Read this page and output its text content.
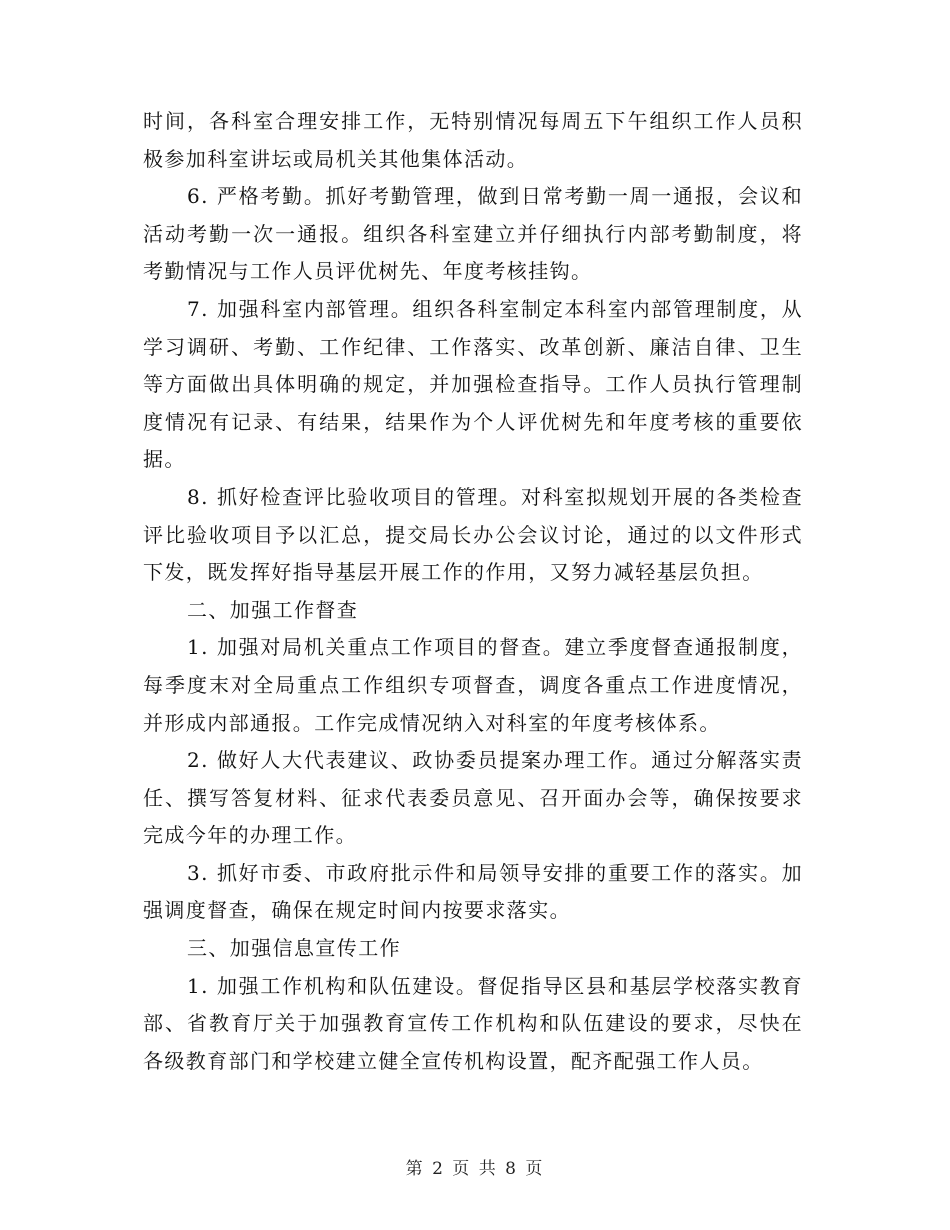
时间，各科室合理安排工作，无特别情况每周五下午组织工作人员积极参加科室讲坛或局机关其他集体活动。

6. 严格考勤。抓好考勤管理，做到日常考勤一周一通报，会议和活动考勤一次一通报。组织各科室建立并仔细执行内部考勤制度，将考勤情况与工作人员评优树先、年度考核挂钩。

7. 加强科室内部管理。组织各科室制定本科室内部管理制度，从学习调研、考勤、工作纪律、工作落实、改革创新、廉洁自律、卫生等方面做出具体明确的规定，并加强检查指导。工作人员执行管理制度情况有记录、有结果，结果作为个人评优树先和年度考核的重要依据。

8. 抓好检查评比验收项目的管理。对科室拟规划开展的各类检查评比验收项目予以汇总，提交局长办公会议讨论，通过的以文件形式下发，既发挥好指导基层开展工作的作用，又努力减轻基层负担。

二、加强工作督查

1. 加强对局机关重点工作项目的督查。建立季度督查通报制度，每季度末对全局重点工作组织专项督查，调度各重点工作进度情况，并形成内部通报。工作完成情况纳入对科室的年度考核体系。

2. 做好人大代表建议、政协委员提案办理工作。通过分解落实责任、撰写答复材料、征求代表委员意见、召开面办会等，确保按要求完成今年的办理工作。

3. 抓好市委、市政府批示件和局领导安排的重要工作的落实。加强调度督查，确保在规定时间内按要求落实。

三、加强信息宣传工作

1. 加强工作机构和队伍建设。督促指导区县和基层学校落实教育部、省教育厅关于加强教育宣传工作机构和队伍建设的要求，尽快在各级教育部门和学校建立健全宣传机构设置，配齐配强工作人员。

第 2 页 共 8 页
